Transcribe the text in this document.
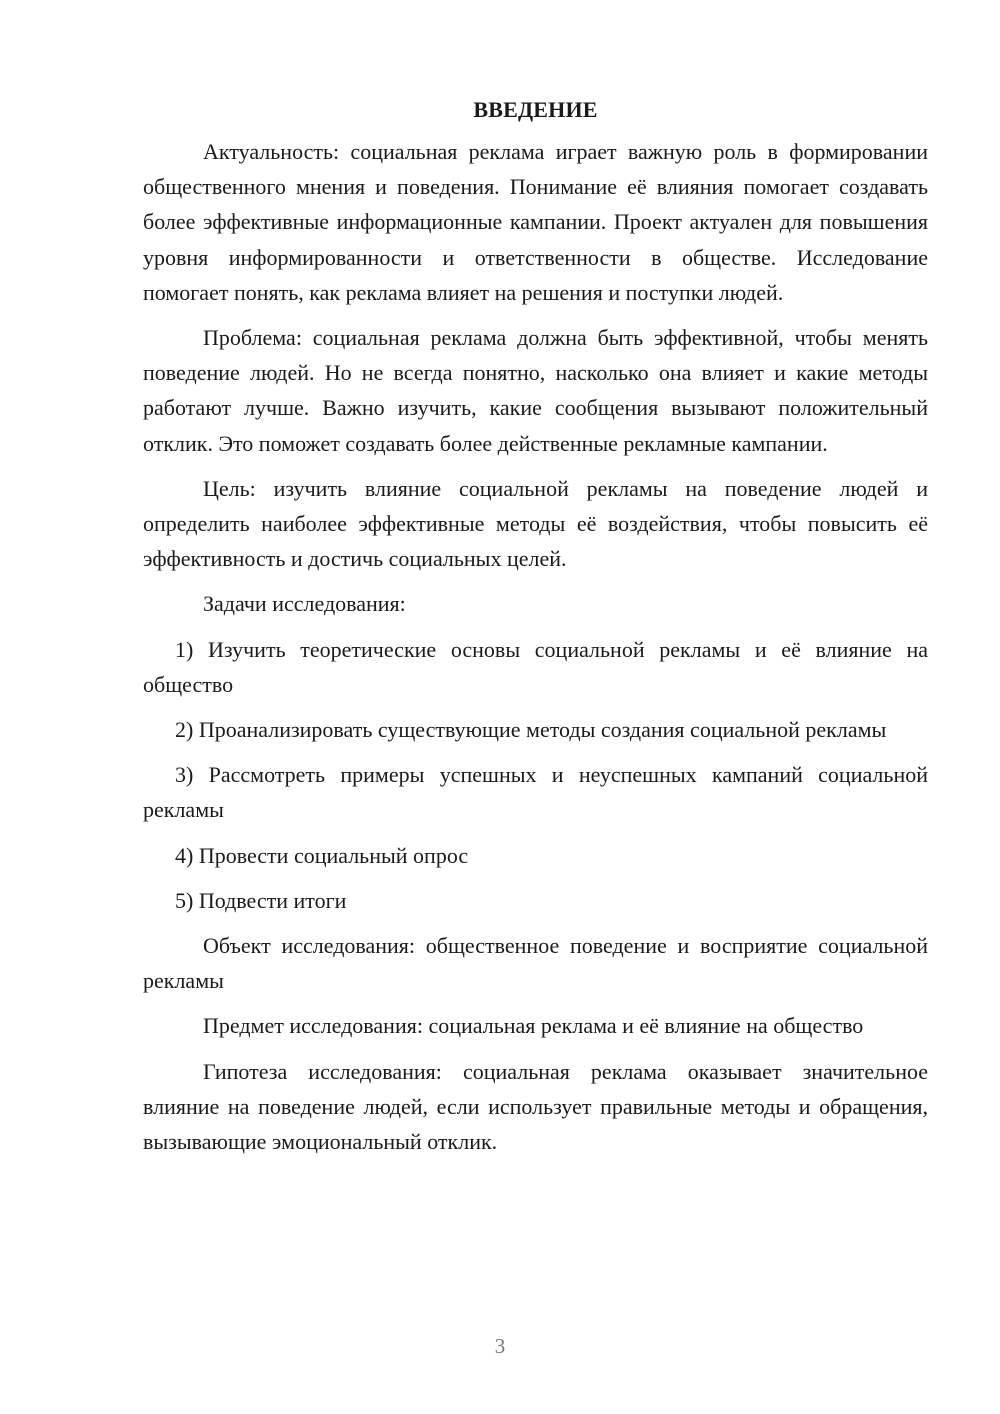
ВВЕДЕНИЕ

Актуальность: социальная реклама играет важную роль в формировании общественного мнения и поведения. Понимание её влияния помогает создавать более эффективные информационные кампании. Проект актуален для повышения уровня информированности и ответственности в обществе. Исследование помогает понять, как реклама влияет на решения и поступки людей.

Проблема: социальная реклама должна быть эффективной, чтобы менять поведение людей. Но не всегда понятно, насколько она влияет и какие методы работают лучше. Важно изучить, какие сообщения вызывают положительный отклик. Это поможет создавать более действенные рекламные кампании.

Цель: изучить влияние социальной рекламы на поведение людей и определить наиболее эффективные методы её воздействия, чтобы повысить её эффективность и достичь социальных целей.

Задачи исследования:

1) Изучить теоретические основы социальной рекламы и её влияние на общество

2) Проанализировать существующие методы создания социальной рекламы

3) Рассмотреть примеры успешных и неуспешных кампаний социальной рекламы

4) Провести социальный опрос

5) Подвести итоги

Объект исследования: общественное поведение и восприятие социальной рекламы

Предмет исследования: социальная реклама и её влияние на общество

Гипотеза исследования: социальная реклама оказывает значительное влияние на поведение людей, если использует правильные методы и обращения, вызывающие эмоциональный отклик.

3
